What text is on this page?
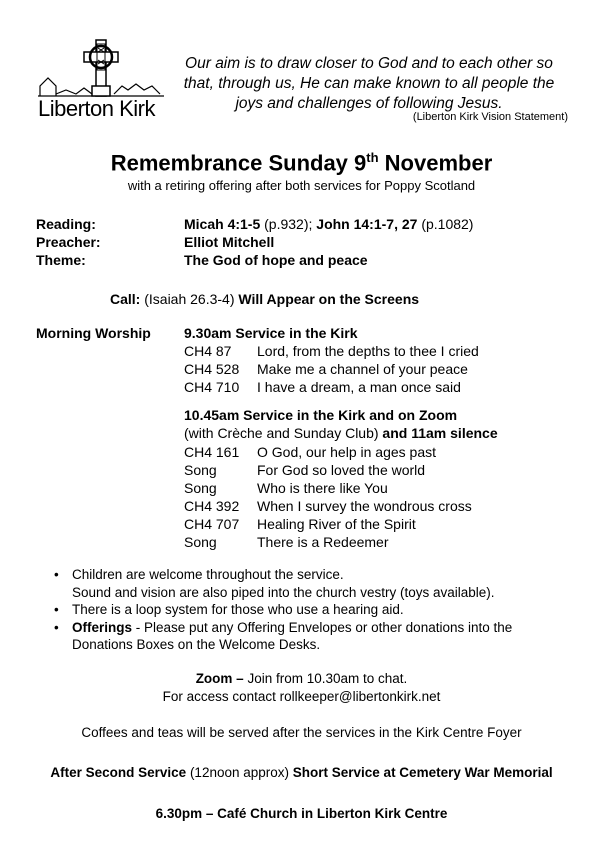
Liberton Kirk
Our aim is to draw closer to God and to each other so
that, through us, He can make known to all people the
joys and challenges of following Jesus.
(Liberton Kirk Vision Statement)
Remembrance Sunday 9th November
with a retiring offering after both services for Poppy Scotland
Reading:	Micah 4:1-5 (p.932); John 14:1-7, 27 (p.1082)
Preacher:	Elliot Mitchell
Theme:	The God of hope and peace
Call: (Isaiah 26.3-4) Will Appear on the Screens
Morning Worship 9.30am Service in the Kirk
CH4 87 Lord, from the depths to thee I cried
CH4 528 Make me a channel of your peace
CH4 710 I have a dream, a man once said
10.45am Service in the Kirk and on Zoom
(with Crèche and Sunday Club) and 11am silence
CH4 161 O God, our help in ages past
Song	For God so loved the world
Song	Who is there like You
CH4 392 When I survey the wondrous cross
CH4 707 Healing River of the Spirit
Song	There is a Redeemer
• Children are welcome throughout the service.
Sound and vision are also piped into the church vestry (toys available).
• There is a loop system for those who use a hearing aid.
• Offerings - Please put any Offering Envelopes or other donations into the Donations Boxes on the Welcome Desks.
Zoom – Join from 10.30am to chat.
For access contact rollkeeper@libertonkirk.net
Coffees and teas will be served after the services in the Kirk Centre Foyer
After Second Service (12noon approx) Short Service at Cemetery War Memorial
6.30pm – Café Church in Liberton Kirk Centre
